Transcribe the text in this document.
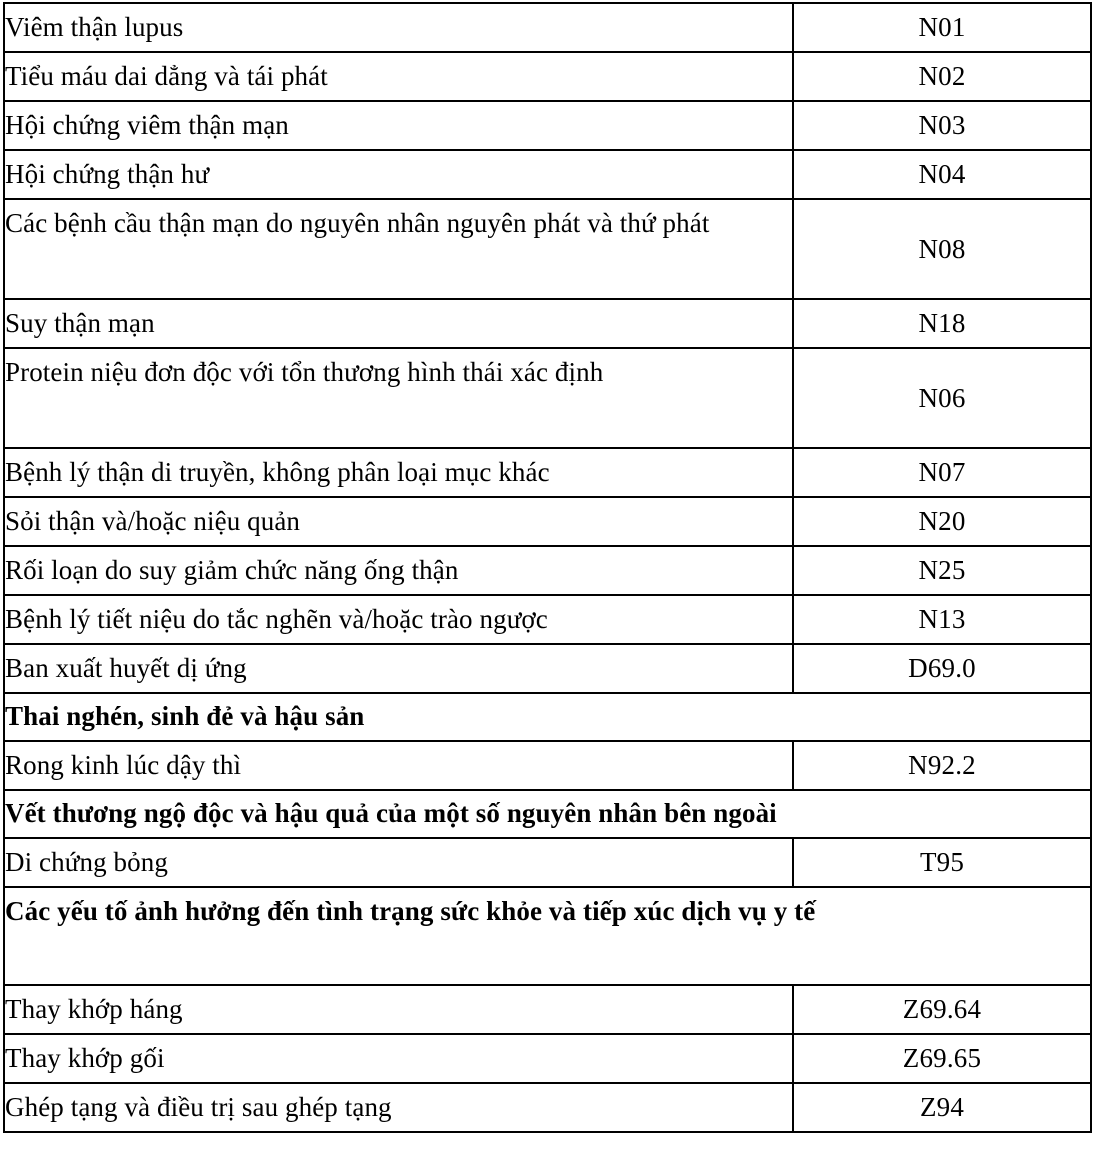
Viêm thận lupus	N01
Tiểu máu dai dẳng và tái phát	N02
Hội chứng viêm thận mạn	N03
Hội chứng thận hư	N04
Các bệnh cầu thận mạn do nguyên nhân nguyên phát và thứ phát	N08
Suy thận mạn	N18
Protein niệu đơn độc với tổn thương hình thái xác định	N06
Bệnh lý thận di truyền, không phân loại mục khác	N07
Sỏi thận và/hoặc niệu quản	N20
Rối loạn do suy giảm chức năng ống thận	N25
Bệnh lý tiết niệu do tắc nghẽn và/hoặc trào ngược	N13
Ban xuất huyết dị ứng	D69.0
Thai nghén, sinh đẻ và hậu sản	
Rong kinh lúc dậy thì	N92.2
Vết thương ngộ độc và hậu quả của một số nguyên nhân bên ngoài	
Di chứng bỏng	T95
Các yếu tố ảnh hưởng đến tình trạng sức khỏe và tiếp xúc dịch vụ y tế	
Thay khớp háng	Z69.64
Thay khớp gối	Z69.65
Ghép tạng và điều trị sau ghép tạng	Z94
